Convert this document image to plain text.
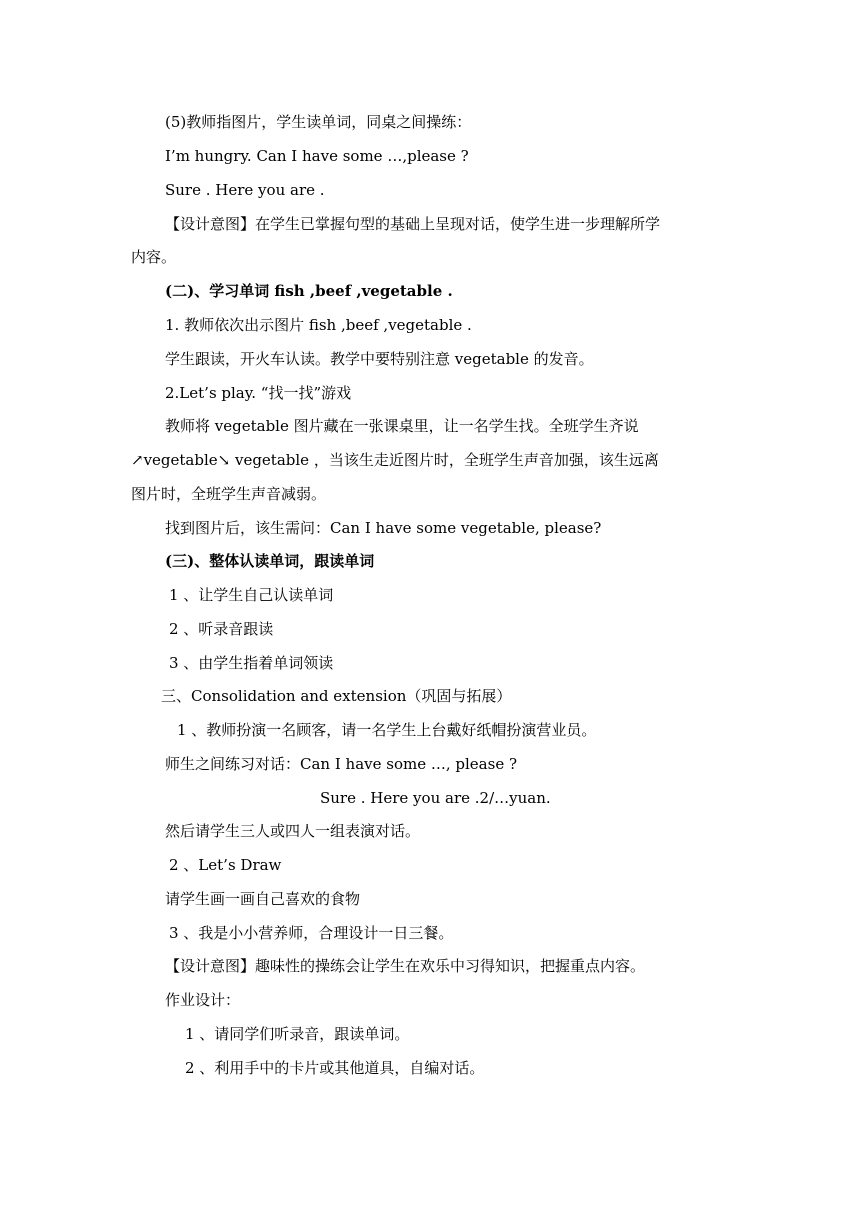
(5)教师指图片，学生读单词，同桌之间操练：
I’m hungry. Can I have some …,please ?
Sure . Here you are .
【设计意图】在学生已掌握句型的基础上呈现对话，使学生进一步理解所学
内容。
(二)、学习单词 fish ,beef ,vegetable .
1. 教师依次出示图片 fish ,beef ,vegetable .
学生跟读，开火车认读。教学中要特别注意 vegetable 的发音。
2.Let’s play. “找一找”游戏
教师将 vegetable 图片藏在一张课桌里，让一名学生找。全班学生齐说
↗vegetable↘ vegetable ，当该生走近图片时，全班学生声音加强，该生远离
图片时，全班学生声音减弱。
找到图片后，该生需问：Can I have some vegetable, please?
(三)、整体认读单词，跟读单词
1 、让学生自己认读单词
2 、听录音跟读
3 、由学生指着单词领读
三、Consolidation and extension（巩固与拓展）
1 、教师扮演一名顾客，请一名学生上台戴好纸帽扮演营业员。
师生之间练习对话：Can I have some …, please ?
Sure . Here you are .2/…yuan.
然后请学生三人或四人一组表演对话。
2 、Let’s Draw
请学生画一画自己喜欢的食物
3 、我是小小营养师，合理设计一日三餐。
【设计意图】趣味性的操练会让学生在欢乐中习得知识，把握重点内容。
作业设计：
1 、请同学们听录音，跟读单词。
2 、利用手中的卡片或其他道具，自编对话。
